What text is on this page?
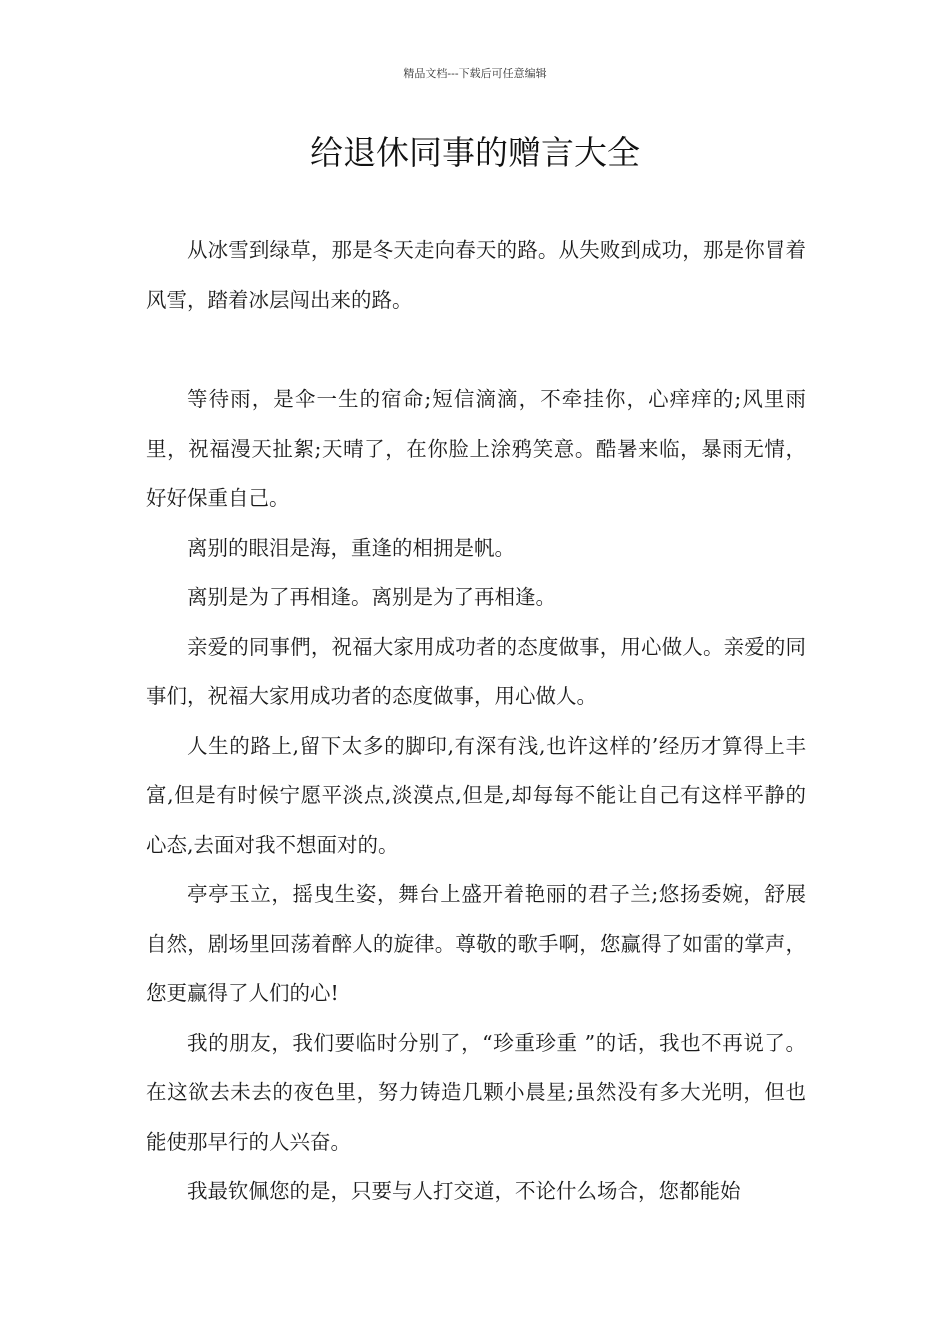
精品文档---下载后可任意编辑
给退休同事的赠言大全

从冰雪到绿草，那是冬天走向春天的路。从失败到成功，那是你冒着风雪，踏着冰层闯出来的路。

等待雨，是伞一生的宿命;短信滴滴，不牵挂你，心痒痒的;风里雨里，祝福漫天扯絮;天晴了，在你脸上涂鸦笑意。酷暑来临，暴雨无情，好好保重自己。

离别的眼泪是海，重逢的相拥是帆。

离别是为了再相逢。离别是为了再相逢。

亲爱的同事們，祝福大家用成功者的态度做事，用心做人。亲爱的同事们，祝福大家用成功者的态度做事，用心做人。

人生的路上,留下太多的脚印,有深有浅,也许这样的’经历才算得上丰富,但是有时候宁愿平淡点,淡漠点,但是,却每每不能让自己有这样平静的心态,去面对我不想面对的。

亭亭玉立，摇曳生姿，舞台上盛开着艳丽的君子兰;悠扬委婉，舒展自然，剧场里回荡着醉人的旋律。尊敬的歌手啊，您赢得了如雷的掌声，您更赢得了人们的心!

我的朋友，我们要临时分别了，“珍重珍重 ”的话，我也不再说了。在这欲去未去的夜色里，努力铸造几颗小晨星;虽然没有多大光明，但也能使那早行的人兴奋。

我最钦佩您的是，只要与人打交道，不论什么场合，您都能始
